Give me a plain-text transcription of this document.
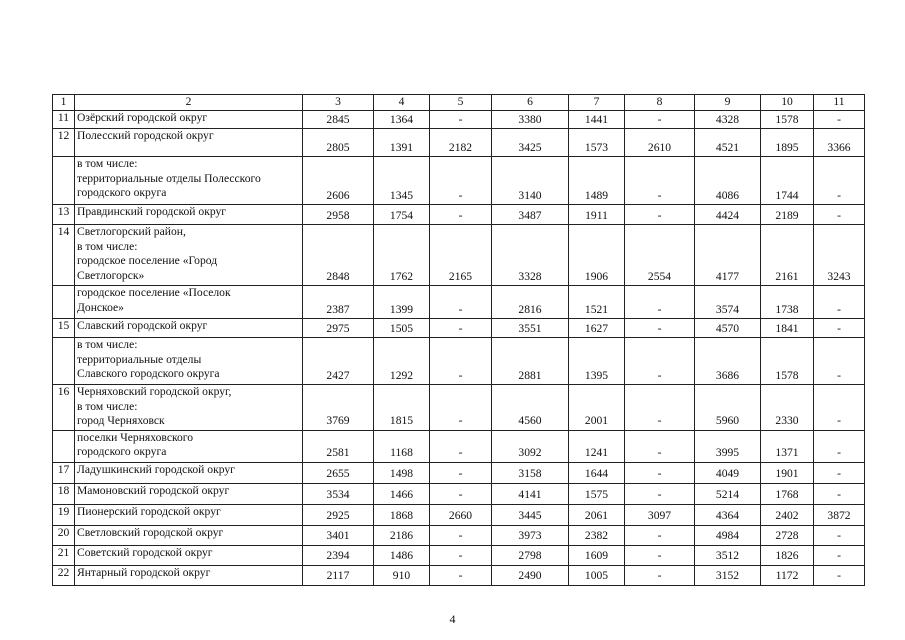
1	2	3	4	5	6	7	8	9	10	11
11	Озёрский городской округ	2845	1364	-	3380	1441	-	4328	1578	-
12	Полесский городской округ	2805	1391	2182	3425	1573	2610	4521	1895	3366
	в том числе:
территориальные отделы Полесского
городского округа	2606	1345	-	3140	1489	-	4086	1744	-
13	Правдинский городской округ	2958	1754	-	3487	1911	-	4424	2189	-
14	Светлогорский район,
в том числе:
городское поселение «Город
Светлогорск»	2848	1762	2165	3328	1906	2554	4177	2161	3243
	городское поселение «Поселок
Донское»	2387	1399	-	2816	1521	-	3574	1738	-
15	Славский городской округ	2975	1505	-	3551	1627	-	4570	1841	-
	в том числе:
территориальные отделы
Славского городского округа	2427	1292	-	2881	1395	-	3686	1578	-
16	Черняховский городской округ,
в том числе:
город Черняховск	3769	1815	-	4560	2001	-	5960	2330	-
	поселки Черняховского
городского округа	2581	1168	-	3092	1241	-	3995	1371	-
17	Ладушкинский городской округ	2655	1498	-	3158	1644	-	4049	1901	-
18	Мамоновский городской округ	3534	1466	-	4141	1575	-	5214	1768	-
19	Пионерский городской округ	2925	1868	2660	3445	2061	3097	4364	2402	3872
20	Светловский городской округ	3401	2186	-	3973	2382	-	4984	2728	-
21	Советский городской округ	2394	1486	-	2798	1609	-	3512	1826	-
22	Янтарный городской округ	2117	910	-	2490	1005	-	3152	1172	-
4
